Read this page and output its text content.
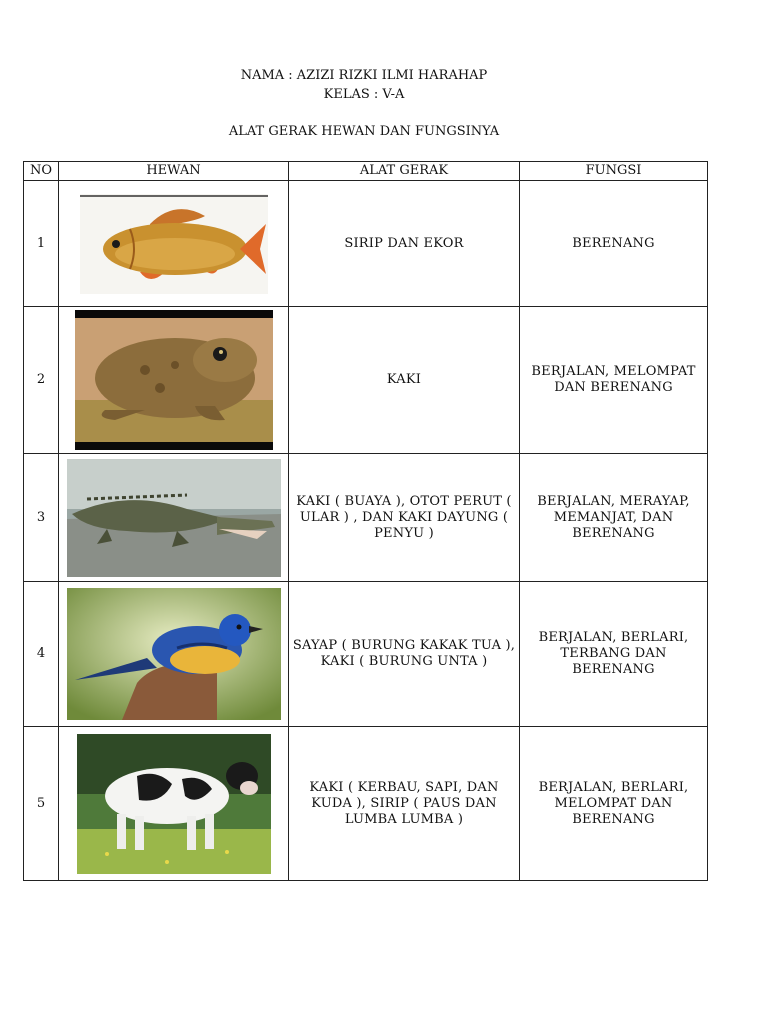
NAMA : AZIZI RIZKI ILMI HARAHAP
KELAS : V-A
ALAT GERAK HEWAN DAN FUNGSINYA
NO	HEWAN	ALAT GERAK	FUNGSI
1		SIRIP DAN EKOR	BERENANG
2		KAKI	BERJALAN, MELOMPAT DAN BERENANG
3		KAKI ( BUAYA ), OTOT PERUT ( ULAR ) , DAN KAKI DAYUNG ( PENYU )	BERJALAN, MERAYAP, MEMANJAT, DAN BERENANG
4		SAYAP ( BURUNG KAKAK TUA ), KAKI ( BURUNG UNTA )	BERJALAN, BERLARI, TERBANG DAN BERENANG
5		KAKI ( KERBAU, SAPI, DAN KUDA ), SIRIP ( PAUS DAN LUMBA LUMBA )	BERJALAN, BERLARI, MELOMPAT DAN BERENANG
